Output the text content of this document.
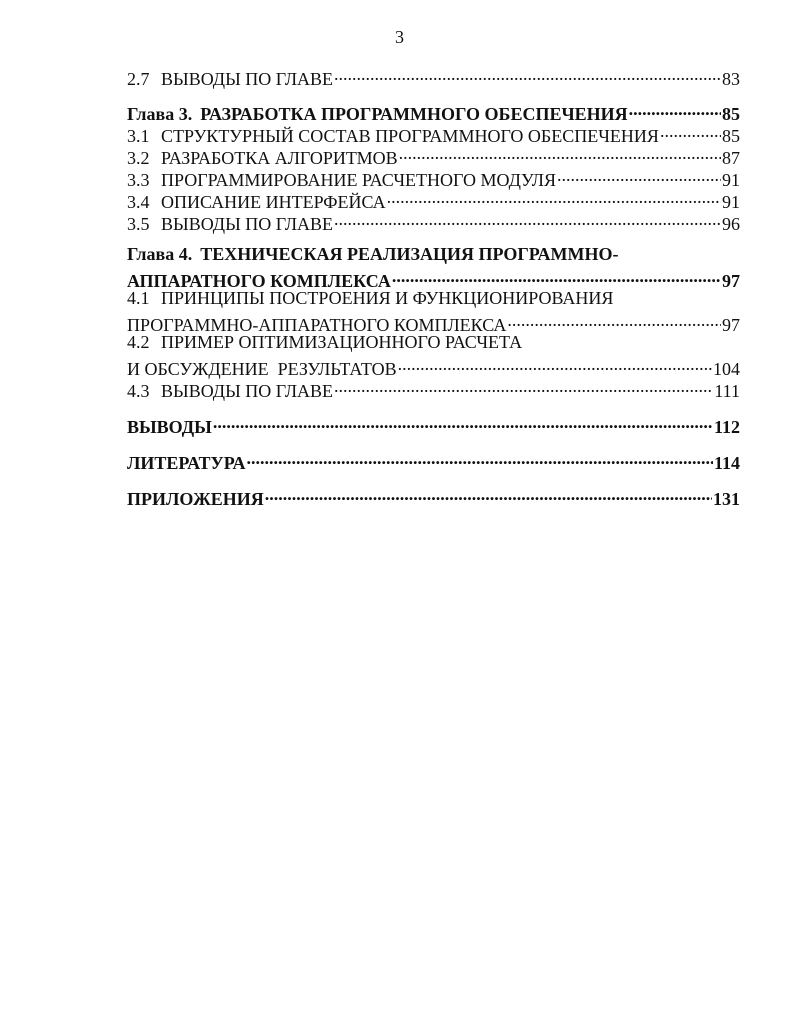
3
2.7 ВЫВОДЫ ПО ГЛАВЕ .....	83
Глава 3. РАЗРАБОТКА ПРОГРАММНОГО ОБЕСПЕЧЕНИЯ .....	85
3.1 СТРУКТУРНЫЙ СОСТАВ ПРОГРАММНОГО ОБЕСПЕЧЕНИЯ .....	85
3.2 РАЗРАБОТКА АЛГОРИТМОВ .....	87
3.3 ПРОГРАММИРОВАНИЕ РАСЧЕТНОГО МОДУЛЯ .....	91
3.4 ОПИСАНИЕ ИНТЕРФЕЙСА .....	91
3.5 ВЫВОДЫ ПО ГЛАВЕ .....	96
Глава 4. ТЕХНИЧЕСКАЯ РЕАЛИЗАЦИЯ ПРОГРАММНО-
АППАРАТНОГО КОМПЛЕКСА .....	97
4.1 ПРИНЦИПЫ ПОСТРОЕНИЯ И ФУНКЦИОНИРОВАНИЯ
ПРОГРАММНО-АППАРАТНОГО КОМПЛЕКСА .....	97
4.2 ПРИМЕР ОПТИМИЗАЦИОННОГО РАСЧЕТА
И ОБСУЖДЕНИЕ  РЕЗУЛЬТАТОВ .....	104
4.3 ВЫВОДЫ ПО ГЛАВЕ .....	111
ВЫВОДЫ .....	112
ЛИТЕРАТУРА .....	114
ПРИЛОЖЕНИЯ .....	131
